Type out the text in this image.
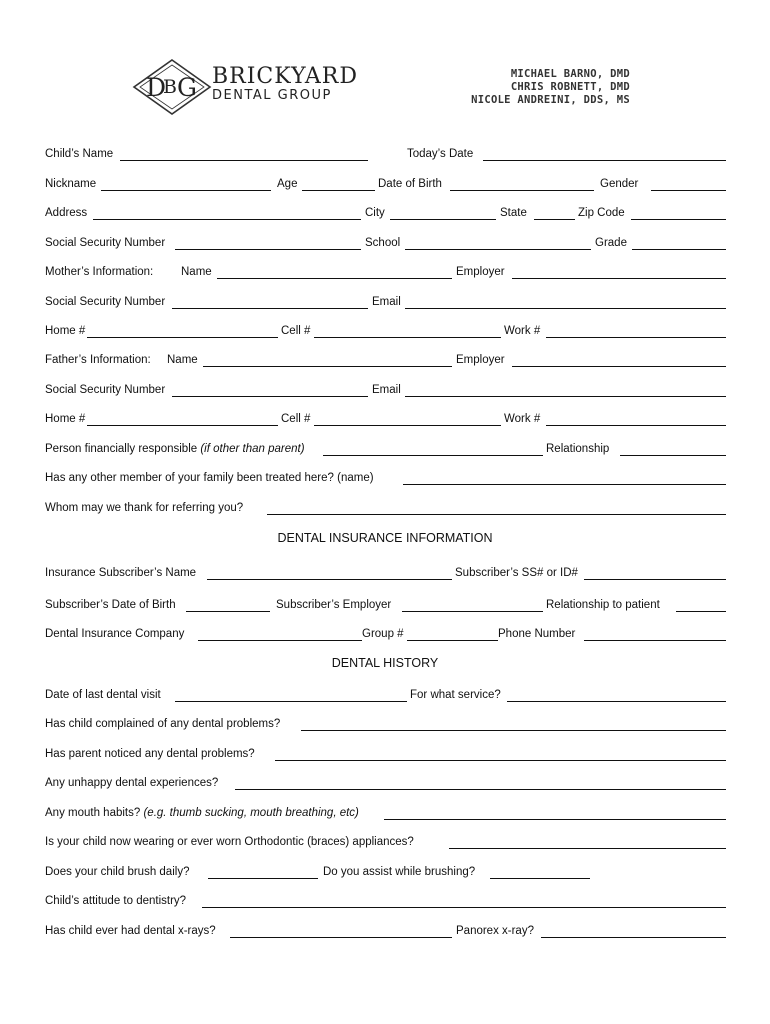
D
B G BRICKYARD
DENTAL GROUP
MICHAEL BARNO, DMD
CHRIS ROBNETT, DMD
NICOLE ANDREINI, DDS, MS
Child’s Name	Today’s Date
Nickname	Age	Date of Birth	Gender
Address	City	State	Zip Code
Social Security Number	School	Grade
Mother’s Information: Name	Employer
Social Security Number	Email
Home #	Cell #	Work #
Father’s Information: Name	Employer
Social Security Number	Email
Home #	Cell #	Work #
Person financially responsible (if other than parent)	Relationship
Has any other member of your family been treated here? (name)
Whom may we thank for referring you?
DENTAL INSURANCE INFORMATION
Insurance Subscriber’s Name	Subscriber’s SS# or ID#
Subscriber’s Date of Birth	Subscriber’s Employer	Relationship to patient
Dental Insurance Company	Group #	Phone Number
DENTAL HISTORY
Date of last dental visit	For what service?
Has child complained of any dental problems?
Has parent noticed any dental problems?
Any unhappy dental experiences?
Any mouth habits? (e.g. thumb sucking, mouth breathing, etc)
Is your child now wearing or ever worn Orthodontic (braces) appliances?
Does your child brush daily?	Do you assist while brushing?
Child’s attitude to dentistry?
Has child ever had dental x-rays?	Panorex x-ray?
